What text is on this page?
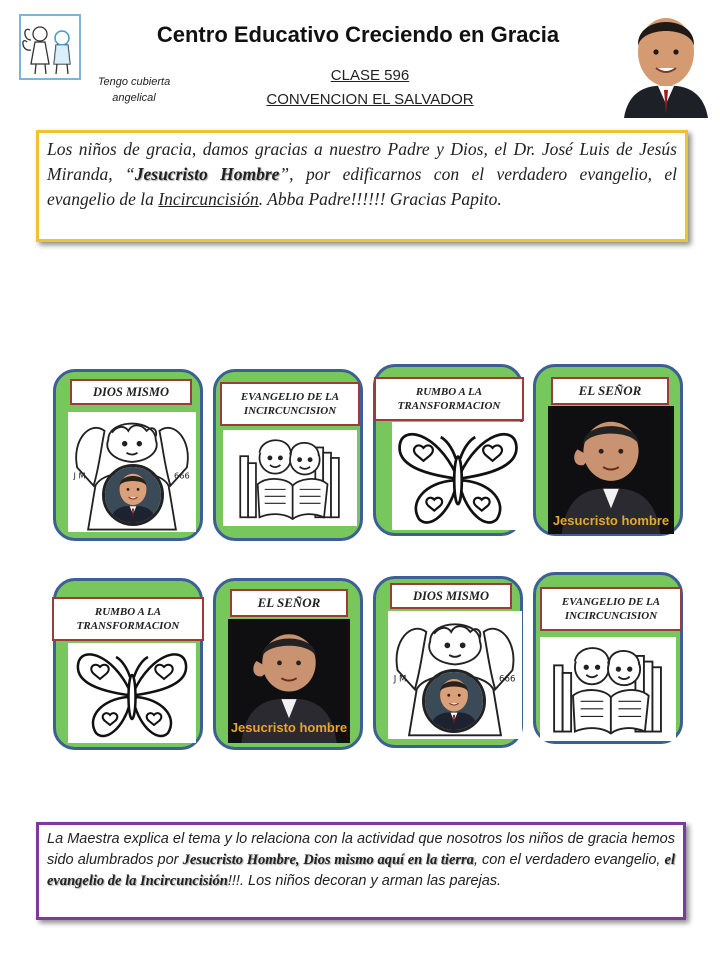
Tengo cubierta angelical
Centro Educativo Creciendo en Gracia
CLASE 596
CONVENCION EL SALVADOR

Los niños de gracia, damos gracias a nuestro Padre y Dios, el Dr. José Luis de Jesús Miranda, “Jesucristo Hombre”, por edificarnos con el verdadero evangelio, el evangelio de la Incircuncisión. Abba Padre!!!!!! Gracias Papito.

DIOS MISMO	EVANGELIO DE LA INCIRCUNCISION
RUMBO A LA TRANSFORMACION
EL SEÑOR
Jesucristo hombre
RUMBO A LA TRANSFORMACION
EL SEÑOR
Jesucristo hombre
DIOS MISMO	EVANGELIO DE LA INCIRCUNCISION

La Maestra explica el tema y lo relaciona con la actividad que nosotros los niños de gracia hemos sido alumbrados por Jesucristo Hombre, Dios mismo aquí en la tierra, con el verdadero evangelio, el evangelio de la Incircuncisión!!!. Los niños decoran y arman las parejas.
